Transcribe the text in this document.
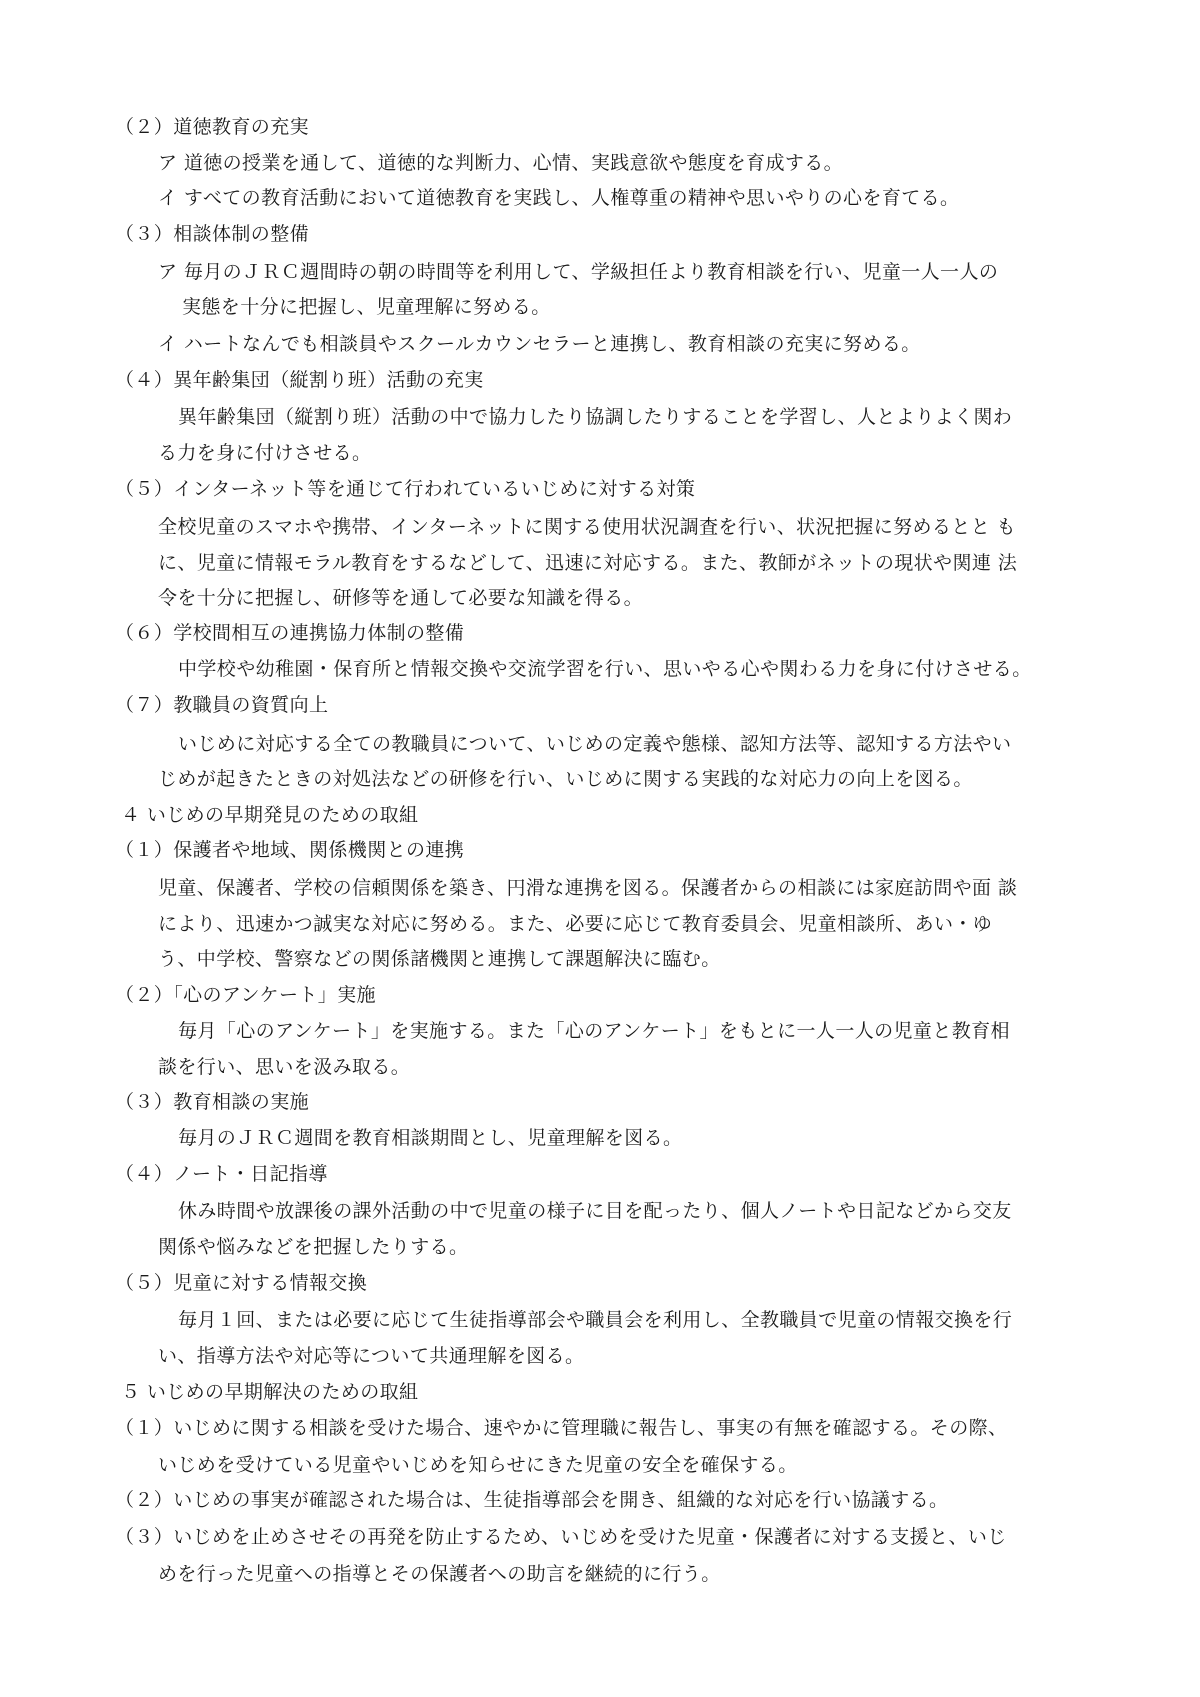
（２）道徳教育の充実
ア 道徳の授業を通して、道徳的な判断力、心情、実践意欲や態度を育成する。
イ すべての教育活動において道徳教育を実践し、人権尊重の精神や思いやりの心を育てる。
（３）相談体制の整備
ア 毎月のＪＲＣ週間時の朝の時間等を利用して、学級担任より教育相談を行い、児童一人一人の
実態を十分に把握し、児童理解に努める。
イ ハートなんでも相談員やスクールカウンセラーと連携し、教育相談の充実に努める。
（４）異年齢集団（縦割り班）活動の充実
異年齢集団（縦割り班）活動の中で協力したり協調したりすることを学習し、人とよりよく関わ
る力を身に付けさせる。
（５）インターネット等を通じて行われているいじめに対する対策
全校児童のスマホや携帯、インターネットに関する使用状況調査を行い、状況把握に努めるとと も
に、児童に情報モラル教育をするなどして、迅速に対応する。また、教師がネットの現状や関連 法
令を十分に把握し、研修等を通して必要な知識を得る。
（６）学校間相互の連携協力体制の整備
中学校や幼稚園・保育所と情報交換や交流学習を行い、思いやる心や関わる力を身に付けさせる。
（７）教職員の資質向上
いじめに対応する全ての教職員について、いじめの定義や態様、認知方法等、認知する方法やい
じめが起きたときの対処法などの研修を行い、いじめに関する実践的な対応力の向上を図る。
４ いじめの早期発見のための取組
（１）保護者や地域、関係機関との連携
児童、保護者、学校の信頼関係を築き、円滑な連携を図る。保護者からの相談には家庭訪問や面 談
により、迅速かつ誠実な対応に努める。また、必要に応じて教育委員会、児童相談所、あい・ゆ
う、中学校、警察などの関係諸機関と連携して課題解決に臨む。
（２）「心のアンケート」実施
毎月「心のアンケート」を実施する。また「心のアンケート」をもとに一人一人の児童と教育相
談を行い、思いを汲み取る。
（３）教育相談の実施
毎月のＪＲＣ週間を教育相談期間とし、児童理解を図る。
（４）ノート・日記指導
休み時間や放課後の課外活動の中で児童の様子に目を配ったり、個人ノートや日記などから交友
関係や悩みなどを把握したりする。
（５）児童に対する情報交換
毎月１回、または必要に応じて生徒指導部会や職員会を利用し、全教職員で児童の情報交換を行
い、指導方法や対応等について共通理解を図る。
５ いじめの早期解決のための取組
（１）いじめに関する相談を受けた場合、速やかに管理職に報告し、事実の有無を確認する。その際、
いじめを受けている児童やいじめを知らせにきた児童の安全を確保する。
（２）いじめの事実が確認された場合は、生徒指導部会を開き、組織的な対応を行い協議する。
（３）いじめを止めさせその再発を防止するため、いじめを受けた児童・保護者に対する支援と、いじ
めを行った児童への指導とその保護者への助言を継続的に行う。
